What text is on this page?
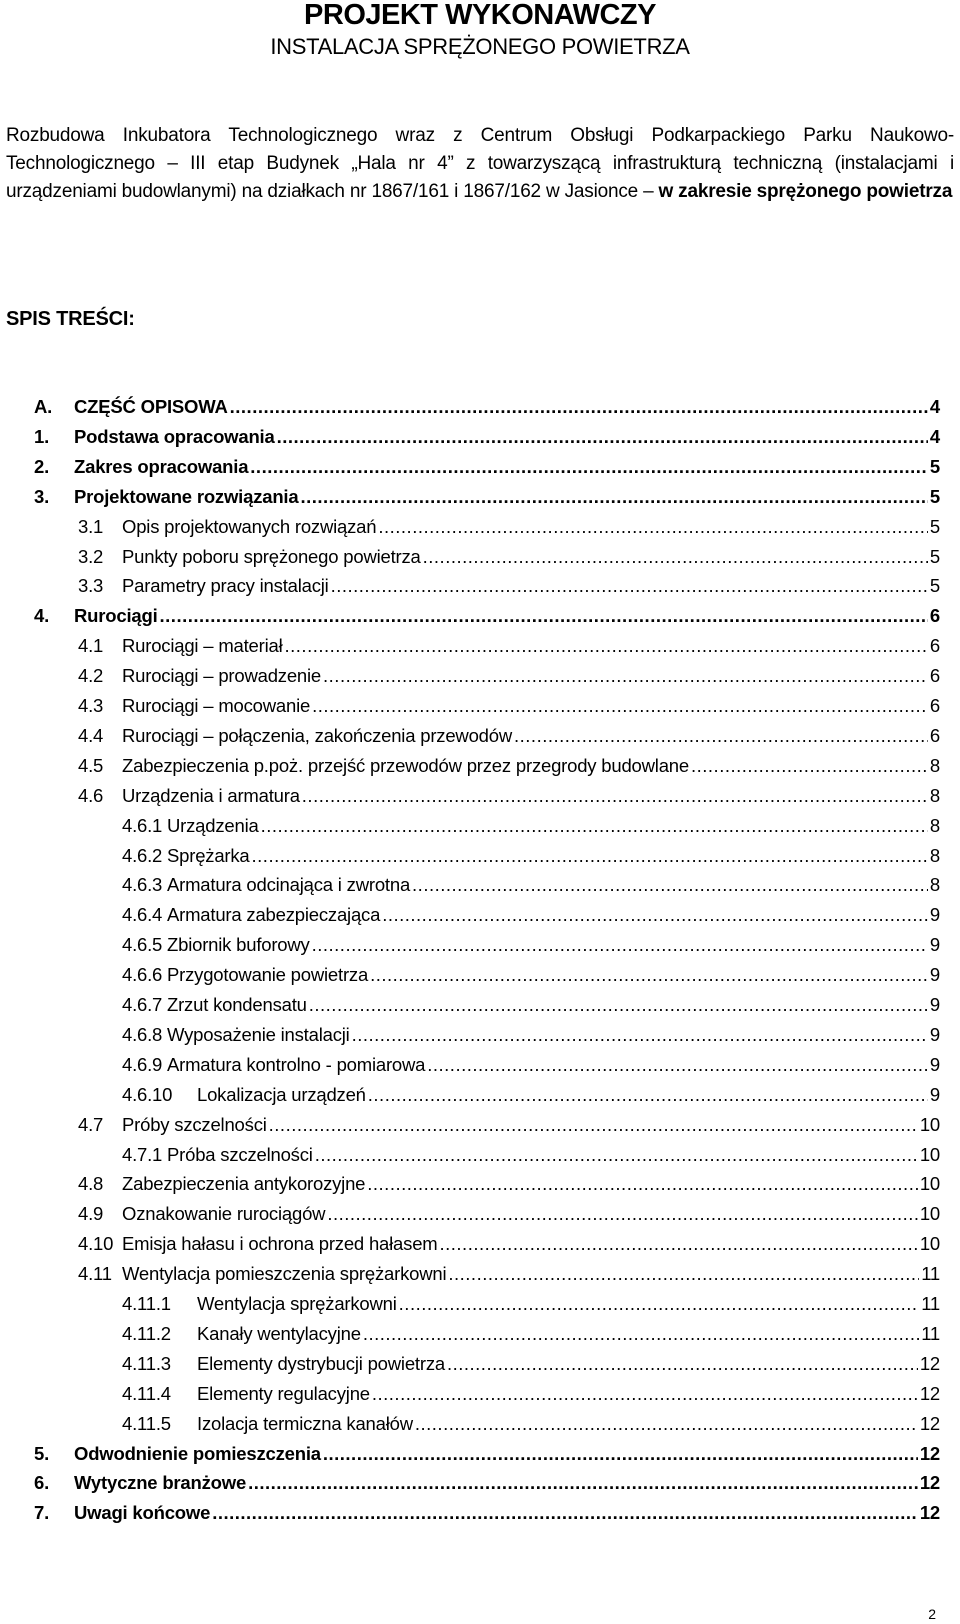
PROJEKT WYKONAWCZY
INSTALACJA SPRĘŻONEGO POWIETRZA
Rozbudowa Inkubatora Technologicznego wraz z Centrum Obsługi Podkarpackiego Parku Naukowo-Technologicznego – III etap Budynek „Hala nr 4” z towarzyszącą infrastrukturą techniczną (instalacjami i urządzeniami budowlanymi) na działkach nr 1867/161 i 1867/162 w Jasionce – w zakresie sprężonego powietrza
SPIS TREŚCI:
A.	CZĘŚĆ OPISOWA .....	4
1.	Podstawa opracowania .....	4
2.	Zakres opracowania .....	5
3.	Projektowane rozwiązania .....	5
3.1	Opis projektowanych rozwiązań .....	5
3.2	Punkty poboru sprężonego powietrza .....	5
3.3	Parametry pracy instalacji .....	5
4.	Rurociągi .....	6
4.1	Rurociągi – materiał .....	6
4.2	Rurociągi – prowadzenie .....	6
4.3	Rurociągi – mocowanie .....	6
4.4	Rurociągi – połączenia, zakończenia przewodów .....	6
4.5	Zabezpieczenia p.poż. przejść przewodów przez przegrody budowlane .....	8
4.6	Urządzenia i armatura .....	8
4.6.1 Urządzenia .....	8
4.6.2 Sprężarka .....	8
4.6.3 Armatura odcinająca i zwrotna .....	8
4.6.4 Armatura zabezpieczająca .....	9
4.6.5 Zbiornik buforowy .....	9
4.6.6 Przygotowanie powietrza .....	9
4.6.7 Zrzut kondensatu .....	9
4.6.8 Wyposażenie instalacji .....	9
4.6.9 Armatura kontrolno - pomiarowa .....	9
4.6.10	Lokalizacja urządzeń .....	9
4.7	Próby szczelności .....	10
4.7.1 Próba szczelności .....	10
4.8	Zabezpieczenia antykorozyjne .....	10
4.9	Oznakowanie rurociągów .....	10
4.10 Emisja hałasu i ochrona przed hałasem .....	10
4.11 Wentylacja pomieszczenia sprężarkowni .....	11
4.11.1	Wentylacja sprężarkowni .....	11
4.11.2	Kanały wentylacyjne .....	11
4.11.3	Elementy dystrybucji powietrza .....	12
4.11.4	Elementy regulacyjne .....	12
4.11.5	Izolacja termiczna kanałów .....	12
5.	Odwodnienie pomieszczenia .....	12
6.	Wytyczne branżowe .....	12
7.	Uwagi końcowe .....	12
2
